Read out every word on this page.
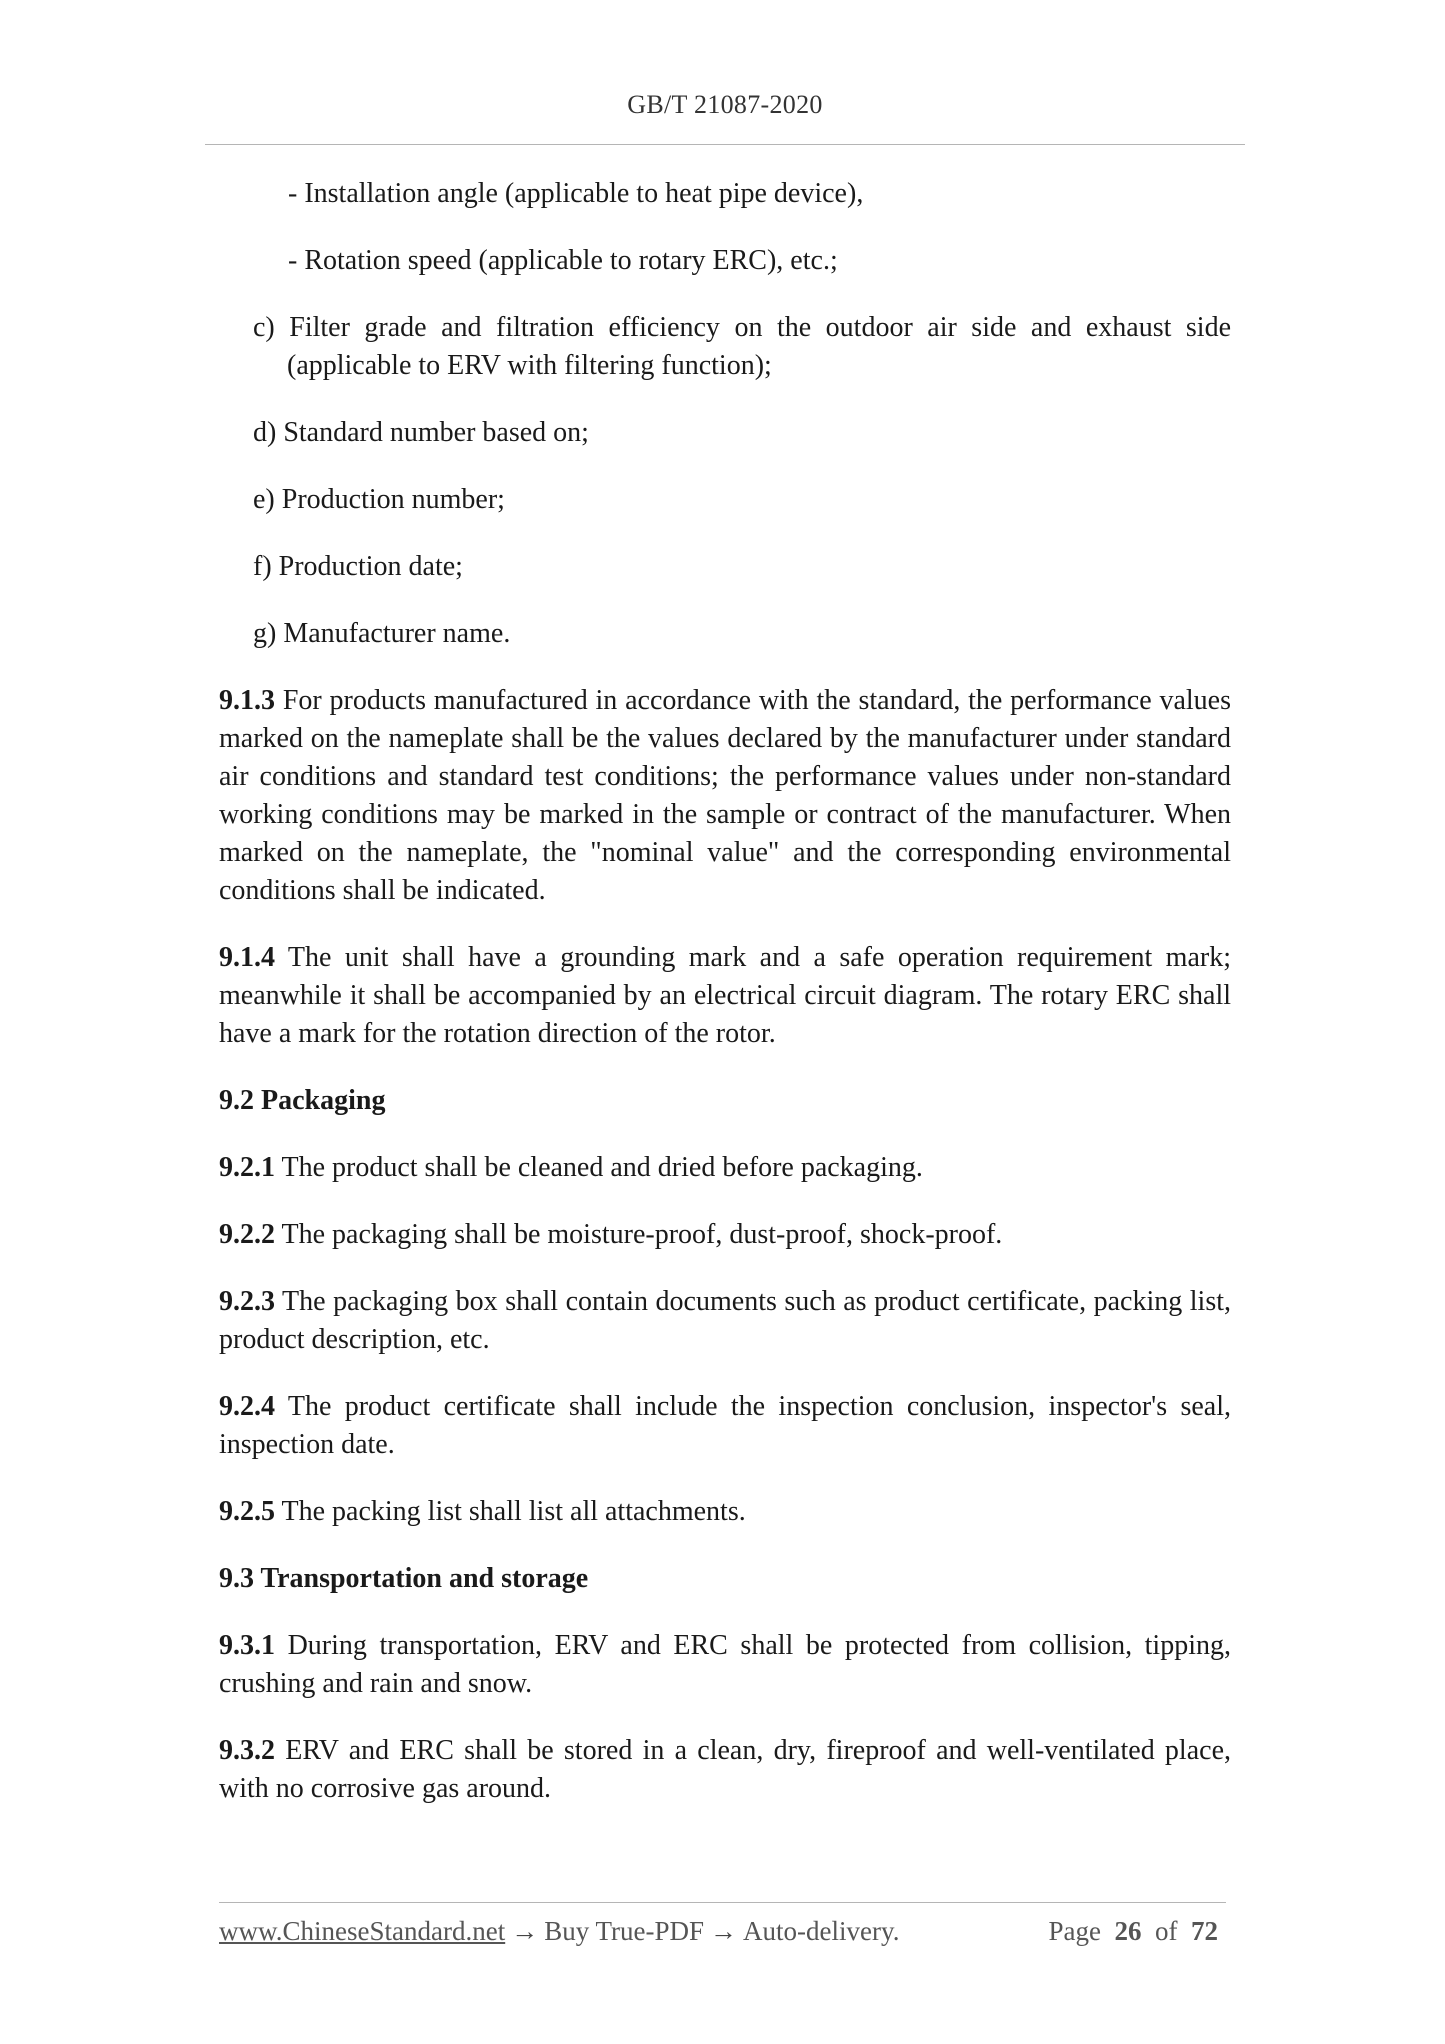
GB/T 21087-2020

- Installation angle (applicable to heat pipe device),

- Rotation speed (applicable to rotary ERC), etc.;

c) Filter grade and filtration efficiency on the outdoor air side and exhaust side (applicable to ERV with filtering function);

d) Standard number based on;

e) Production number;

f) Production date;

g) Manufacturer name.

9.1.3 For products manufactured in accordance with the standard, the performance values marked on the nameplate shall be the values declared by the manufacturer under standard air conditions and standard test conditions; the performance values under non-standard working conditions may be marked in the sample or contract of the manufacturer. When marked on the nameplate, the "nominal value" and the corresponding environmental conditions shall be indicated.

9.1.4 The unit shall have a grounding mark and a safe operation requirement mark; meanwhile it shall be accompanied by an electrical circuit diagram. The rotary ERC shall have a mark for the rotation direction of the rotor.

9.2 Packaging

9.2.1 The product shall be cleaned and dried before packaging.

9.2.2 The packaging shall be moisture-proof, dust-proof, shock-proof.

9.2.3 The packaging box shall contain documents such as product certificate, packing list, product description, etc.

9.2.4 The product certificate shall include the inspection conclusion, inspector's seal, inspection date.

9.2.5 The packing list shall list all attachments.

9.3 Transportation and storage

9.3.1 During transportation, ERV and ERC shall be protected from collision, tipping, crushing and rain and snow.

9.3.2 ERV and ERC shall be stored in a clean, dry, fireproof and well-ventilated place, with no corrosive gas around.

www.ChineseStandard.net → Buy True-PDF → Auto-delivery.	Page 26 of 72
